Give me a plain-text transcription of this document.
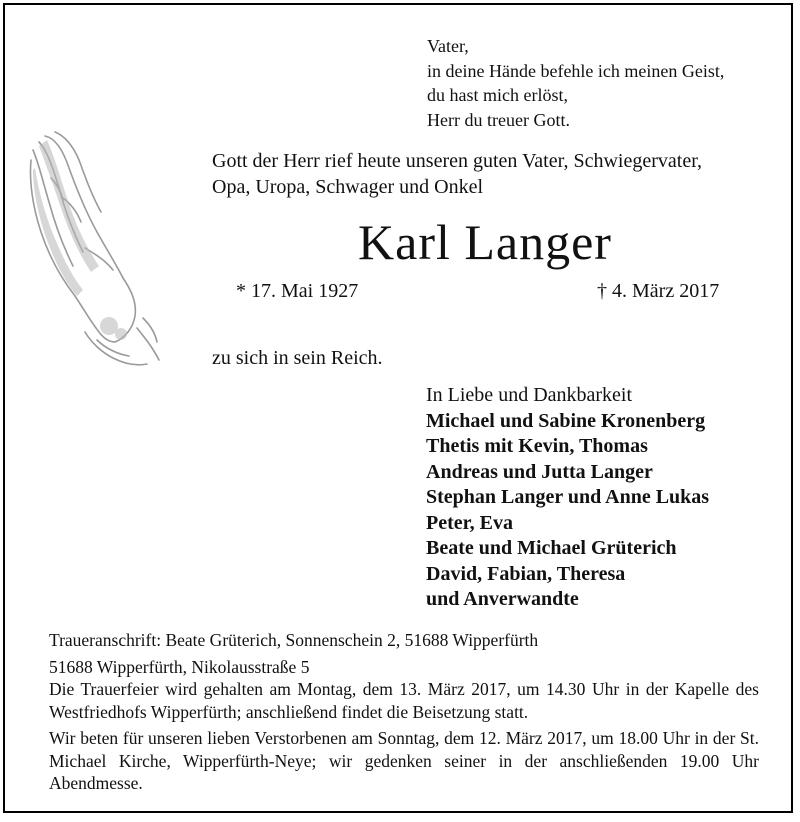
Vater,
in deine Hände befehle ich meinen Geist,
du hast mich erlöst,
Herr du treuer Gott.
Gott der Herr rief heute unseren guten Vater, Schwiegervater,
Opa, Uropa, Schwager und Onkel
Karl Langer
* 17. Mai 1927	† 4. März 2017
zu sich in sein Reich.
In Liebe und Dankbarkeit
Michael und Sabine Kronenberg
Thetis mit Kevin, Thomas
Andreas und Jutta Langer
Stephan Langer und Anne Lukas
Peter, Eva
Beate und Michael Grüterich
David, Fabian, Theresa
und Anverwandte

Traueranschrift: Beate Grüterich, Sonnenschein 2, 51688 Wipperfürth

51688 Wipperfürth, Nikolausstraße 5

Die Trauerfeier wird gehalten am Montag, dem 13. März 2017, um 14.30 Uhr in der Kapelle des Westfriedhofs Wipperfürth; anschließend findet die Beisetzung statt.

Wir beten für unseren lieben Verstorbenen am Sonntag, dem 12. März 2017, um 18.00 Uhr in der St. Michael Kirche, Wipperfürth-Neye; wir gedenken seiner in der anschließenden 19.00 Uhr Abendmesse.
